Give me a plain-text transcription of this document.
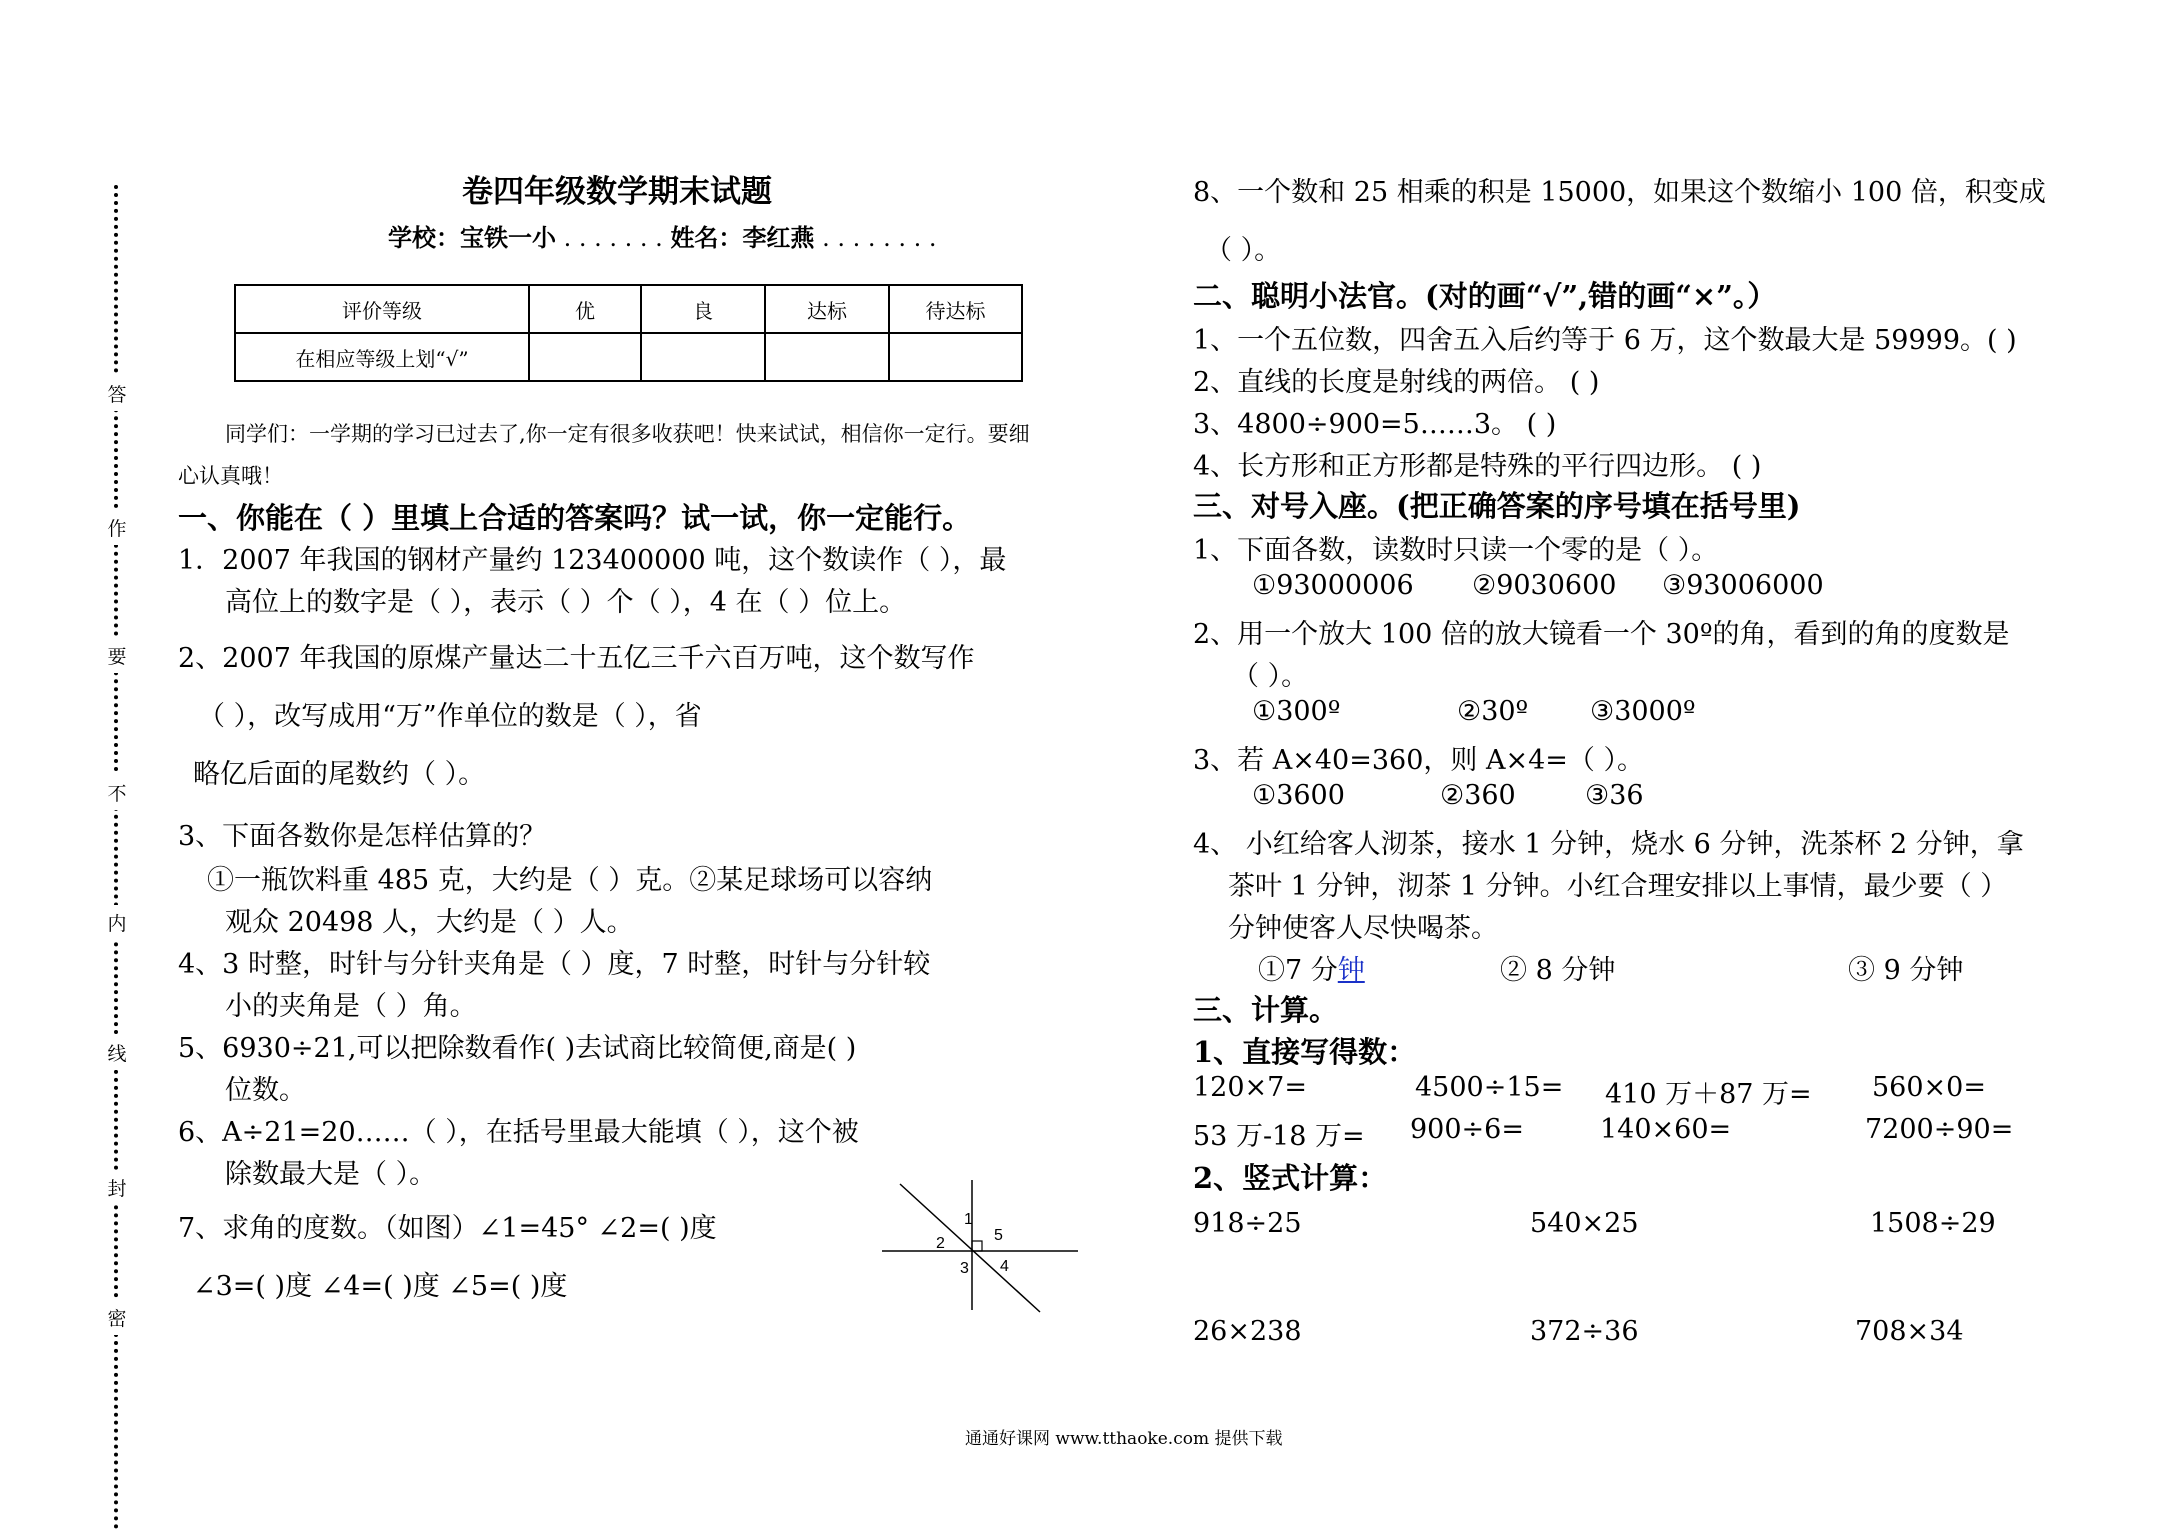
答
作
要
不
内
线
封
密
卷四年级数学期末试题
学校：宝铁一小 . . . . . . . 姓名：李红燕 . . . . . . . .
评价等级	优	良	达标	待达标
在相应等级上划“√”				
同学们：一学期的学习已过去了,你一定有很多收获吧！快来试试，相信你一定行。要细
心认真哦！
一、你能在（ ）里填上合适的答案吗？试一试，你一定能行。
1．2007 年我国的钢材产量约 123400000 吨，这个数读作（ ），最
高位上的数字是（ ），表示（ ）个（ ），4 在（ ）位上。
2、2007 年我国的原煤产量达二十五亿三千六百万吨，这个数写作
（ ），改写成用“万”作单位的数是（ ），省
略亿后面的尾数约（ ）。
3、下面各数你是怎样估算的？
①一瓶饮料重 485 克，大约是（ ）克。②某足球场可以容纳
观众 20498 人，大约是（ ）人。
4、3 时整，时针与分针夹角是（ ）度，7 时整，时针与分针较
小的夹角是（ ）角。
5、6930÷21,可以把除数看作( )去试商比较简便,商是( )
位数。
6、A÷21=20……（ ），在括号里最大能填（ ），这个被
除数最大是（ ）。
7、求角的度数。（如图）∠1=45° ∠2=( )度
∠3=( )度 ∠4=( )度 ∠5=( )度
1
2
3 4
5
8、一个数和 25 相乘的积是 15000，如果这个数缩小 100 倍，积变成
（ ）。
二、聪明小法官。(对的画“√”,错的画“×”。）
1、一个五位数，四舍五入后约等于 6 万，这个数最大是 59999。( )
2、直线的长度是射线的两倍。 ( )
3、4800÷900=5……3。 ( )
4、长方形和正方形都是特殊的平行四边形。 ( )
三、对号入座。(把正确答案的序号填在括号里)
1、下面各数，读数时只读一个零的是（ ）。
①93000006 ②9030600 ③93006000
2、用一个放大 100 倍的放大镜看一个 30º的角，看到的角的度数是
（ ）。
①300º	②30º ③3000º
3、若 A×40=360，则 A×4=（ ）。
①3600	②360	③36
4、 小红给客人沏茶，接水 1 分钟，烧水 6 分钟，洗茶杯 2 分钟，拿
茶叶 1 分钟，沏茶 1 分钟。小红合理安排以上事情，最少要（ ）
分钟使客人尽快喝茶。
①7 分钟	② 8 分钟	③ 9 分钟
三、计算。
1、直接写得数：
120×7=	4500÷15= 410 万＋87 万= 560×0=
53 万-18 万= 900÷6=	140×60=	7200÷90=
2、竖式计算：
918÷25	540×25	1508÷29
26×238	372÷36	708×34
通通好课网 www.tthaoke.com 提供下载
